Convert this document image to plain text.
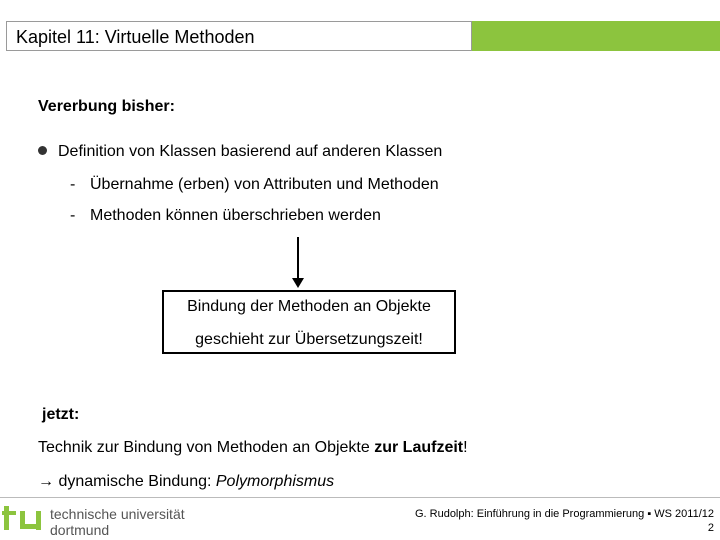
Kapitel 11: Virtuelle Methoden
Vererbung bisher:
Definition von Klassen basierend auf anderen Klassen
- Übernahme (erben) von Attributen und Methoden
- Methoden können überschrieben werden
Bindung der Methoden an Objekte
geschieht zur Übersetzungszeit!
jetzt:
Technik zur Bindung von Methoden an Objekte zur Laufzeit!
→ dynamische Bindung: Polymorphismus
technische universität
dortmund
G. Rudolph: Einführung in die Programmierung ▪ WS 2011/12
2
